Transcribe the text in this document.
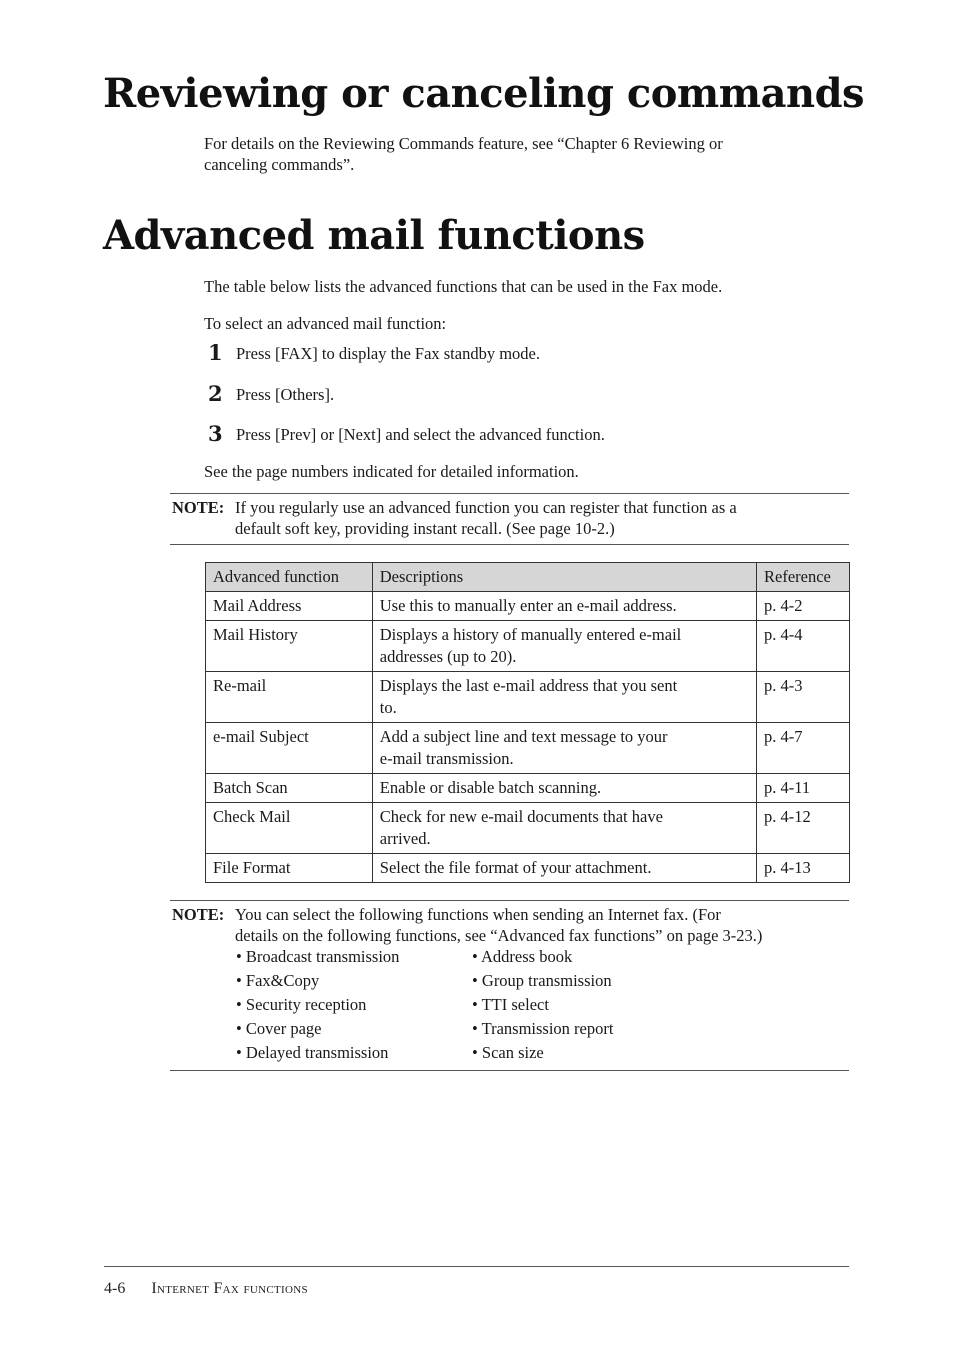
Reviewing or canceling commands

For details on the Reviewing Commands feature, see “Chapter 6 Reviewing or

canceling commands”.

Advanced mail functions

The table below lists the advanced functions that can be used in the Fax mode.

To select an advanced mail function:

1 Press [FAX] to display the Fax standby mode.
2 Press [Others].
3 Press [Prev] or [Next] and select the advanced function.

See the page numbers indicated for detailed information.

NOTE: If you regularly use an advanced function you can register that function as a
default soft key, providing instant recall. (See page 10-2.)
Advanced function	Descriptions	Reference
Mail Address	Use this to manually enter an e-mail address.	p. 4-2
Mail History	Displays a history of manually entered e-mail
addresses (up to 20).	p. 4-4
Re-mail	Displays the last e-mail address that you sent
to.	p. 4-3
e-mail Subject	Add a subject line and text message to your
e-mail transmission.	p. 4-7
Batch Scan	Enable or disable batch scanning.	p. 4-11
Check Mail	Check for new e-mail documents that have
arrived.	p. 4-12
File Format	Select the file format of your attachment.	p. 4-13
NOTE: You can select the following functions when sending an Internet fax. (For
details on the following functions, see “Advanced fax functions” on page 3-23.)
• Broadcast transmission
• Fax&Copy
• Security reception
• Cover page
• Delayed transmission
• Address book
• Group transmission
• TTI select
• Transmission report
• Scan size
4-6 Internet Fax functions
